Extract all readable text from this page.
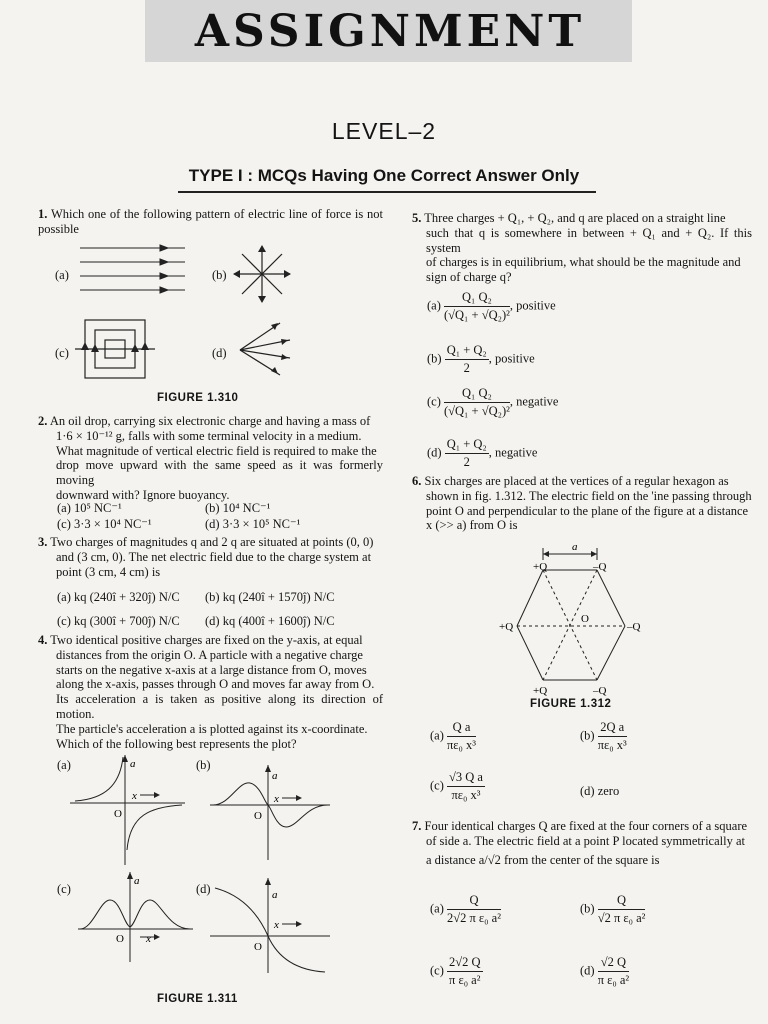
ASSIGNMENT
LEVEL–2
TYPE I : MCQs Having One Correct Answer Only
1. Which one of the following pattern of electric line of force is not possible
(a)	(b)
(c)	(d)
FIGURE 1.310
2. An oil drop, carrying six electronic charge and having a mass of
1·6 × 10⁻¹² g, falls with some terminal velocity in a medium.
What magnitude of vertical electric field is required to make the
drop move upward with the same speed as it was formerly moving
downward with? Ignore buoyancy.
(a) 10⁵ NC⁻¹	(b) 10⁴ NC⁻¹
(c) 3·3 × 10⁴ NC⁻¹	(d) 3·3 × 10⁵ NC⁻¹
3. Two charges of magnitudes q and 2 q are situated at points (0, 0)
and (3 cm, 0). The net electric field due to the charge system at
point (3 cm, 4 cm) is
(a) kq (240î + 320ĵ) N/C (b) kq (240î + 1570ĵ) N/C
(c) kq (300î + 700ĵ) N/C (d) kq (400î + 1600ĵ) N/C
4. Two identical positive charges are fixed on the y-axis, at equal
distances from the origin O. A particle with a negative charge
starts on the negative x-axis at a large distance from O, moves
along the x-axis, passes through O and moves far away from O.
Its acceleration a is taken as positive along its direction of motion.
The particle's acceleration a is plotted against its x-coordinate.
Which of the following best represents the plot?
(a)	(b)
(c)	(d)
a
x
O
a
x
O
a
x
O
a
x
O
FIGURE 1.311
5. Three charges + Q₁, + Q₂, and q are placed on a straight line
such that q is somewhere in between + Q₁ and + Q₂. If this system
of charges is in equilibrium, what should be the magnitude and
sign of charge q?
$(a) \frac{\text{Q₁ Q₂}}{\text{(√Q₁ + √Q₂)²}}$ , positive
$(b) \frac{\text{Q₁ + Q₂}}{2}$ , positive
$(c) \frac{\text{Q₁ Q₂}}{\text{(√Q₁ + √Q₂)²}}$ , negative
$(d) \frac{\text{Q₁ + Q₂}}{2}$ , negative
6. Six charges are placed at the vertices of a regular hexagon as
shown in fig. 1.312. The electric field on the 'ine passing through
point O and perpendicular to the plane of the figure at a distance
x (>> a) from O is
a
+Q	–Q
+Q	–Q
+Q	–Q
O
FIGURE 1.312
$(a) \frac{\text{Q a}}{\text{πε₀ x³}}$	$(b) \frac{\text{2Q a}}{\text{πε₀ x³}}$
$(c) \frac{\text{√3 Q a}}{\text{πε₀ x³}}$	(d) zero
7. Four identical charges Q are fixed at the four corners of a square
of side a. The electric field at a point P located symmetrically at
a distance a/√2 from the center of the square is
$(a) \frac{Q}{\text{2√2 π ε₀ a²}}$	$(b) \frac{Q}{\text{√2 π ε₀ a²}}$
$(c) \frac{2√2 Q}{\text{π ε₀ a²}}$	$(d) \frac{√2 Q}{\text{π ε₀ a²}}$
